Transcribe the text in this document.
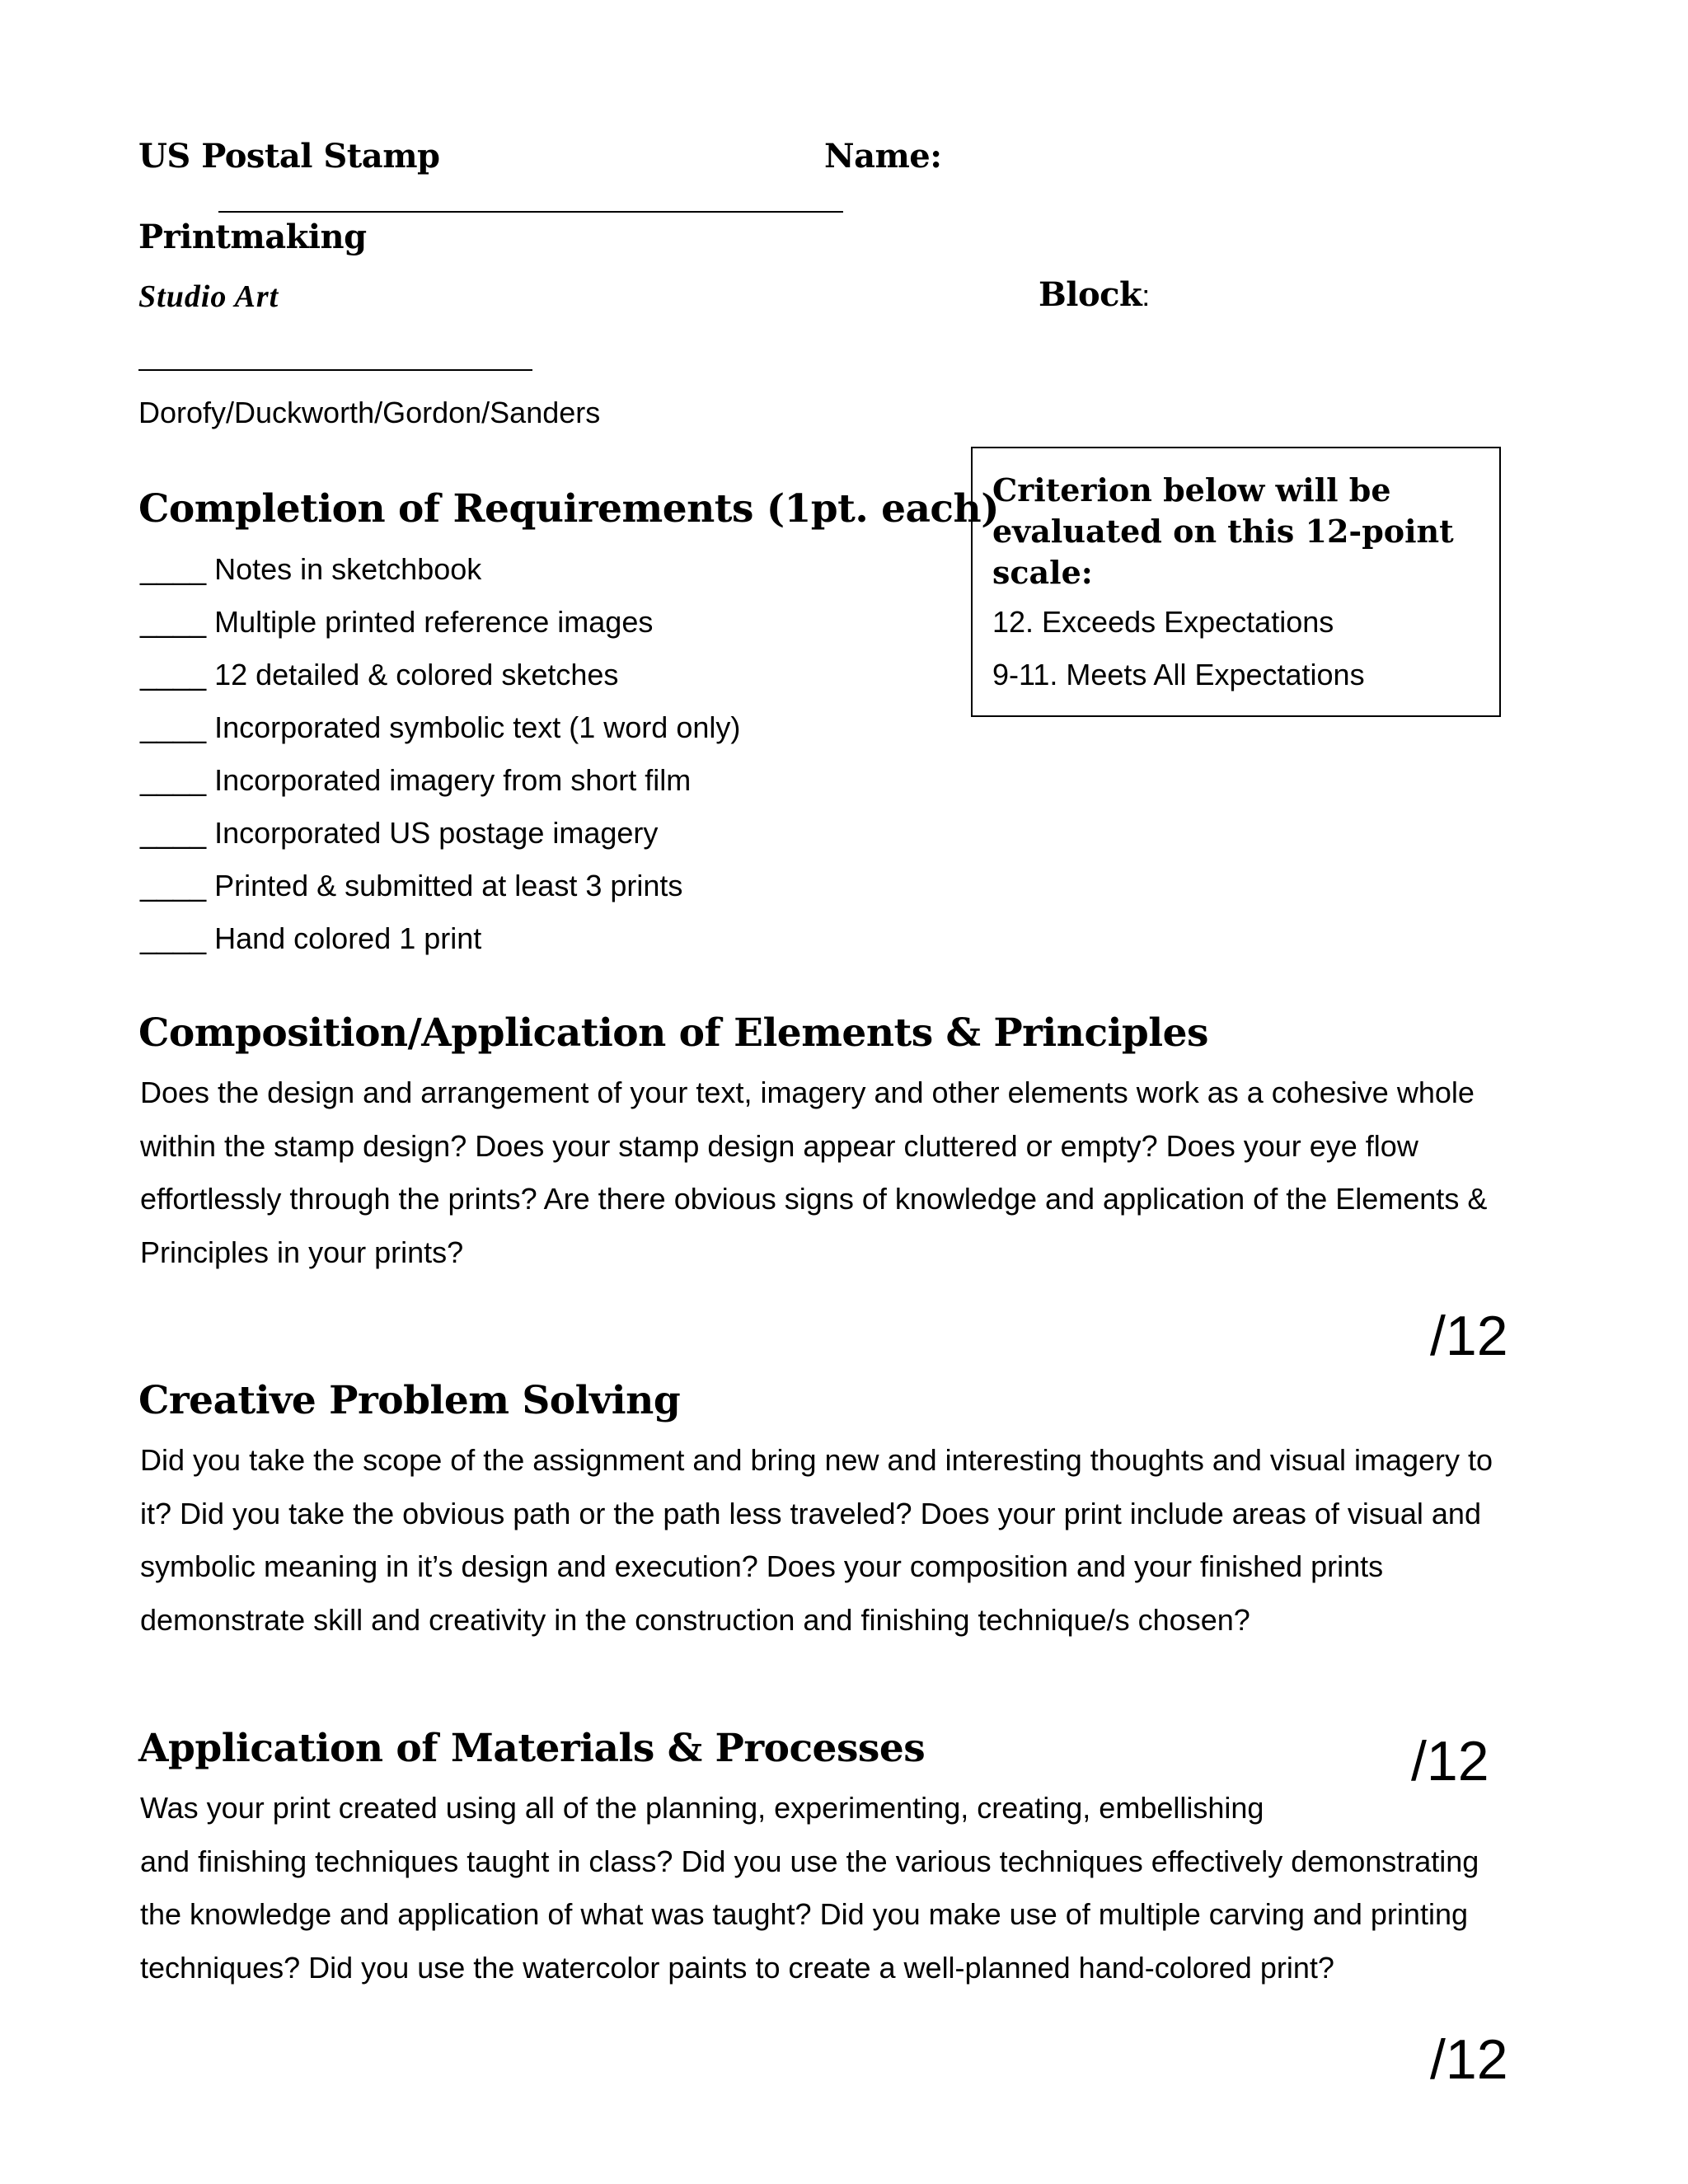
US Postal Stamp	Name:
Printmaking
Studio Art	Block:
Dorofy/Duckworth/Gordon/Sanders
Criterion below will be evaluated on this 12-point scale:
12. Exceeds Expectations
9-11. Meets All Expectations
Completion of Requirements (1pt. each)
____ Notes in sketchbook
____ Multiple printed reference images
____ 12 detailed & colored sketches
____ Incorporated symbolic text (1 word only)
____ Incorporated imagery from short film
____ Incorporated US postage imagery
____ Printed & submitted at least 3 prints
____ Hand colored 1 print
Composition/Application of Elements & Principles
Does the design and arrangement of your text, imagery and other elements work as a cohesive whole
within the stamp design? Does your stamp design appear cluttered or empty? Does your eye flow
effortlessly through the prints? Are there obvious signs of knowledge and application of the Elements &
Principles in your prints?
/12
Creative Problem Solving
Did you take the scope of the assignment and bring new and interesting thoughts and visual imagery to
it? Did you take the obvious path or the path less traveled? Does your print include areas of visual and
symbolic meaning in it’s design and execution? Does your composition and your finished prints
demonstrate skill and creativity in the construction and finishing technique/s chosen?
Application of Materials & Processes	/12
Was your print created using all of the planning, experimenting, creating, embellishing
and finishing techniques taught in class? Did you use the various techniques effectively demonstrating
the knowledge and application of what was taught? Did you make use of multiple carving and printing
techniques? Did you use the watercolor paints to create a well-planned hand-colored print?
/12
